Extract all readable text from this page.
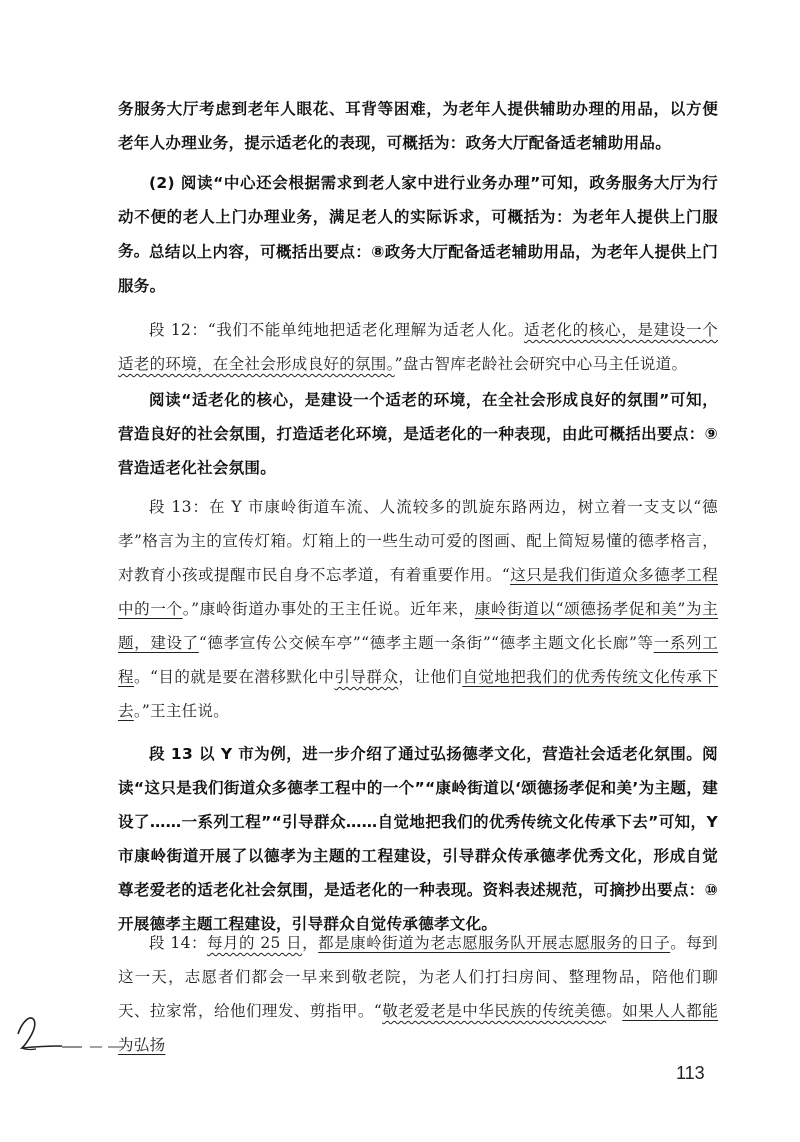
务服务大厅考虑到老年人眼花、耳背等困难，为老年人提供辅助办理的用品，以方便老年人办理业务，提示适老化的表现，可概括为：政务大厅配备适老辅助用品。
(2) 阅读“中心还会根据需求到老人家中进行业务办理”可知，政务服务大厅为行动不便的老人上门办理业务，满足老人的实际诉求，可概括为：为老年人提供上门服务。 总结以上内容，可概括出要点：⑧政务大厅配备适老辅助用品，为老年人提供上门服务。
段 12：“我们不能单纯地把适老化理解为适老人化。适老化的核心，是建设一个适老的环境，在全社会形成良好的氛围。”盘古智库老龄社会研究中心马主任说道。
阅读“适老化的核心，是建设一个适老的环境，在全社会形成良好的氛围”可知，营造良好的社会氛围，打造适老化环境，是适老化的一种表现，由此可概括出要点：⑨营造适老化社会氛围。
段 13：在 Y 市康岭街道车流、人流较多的凯旋东路两边，树立着一支支以“德孝”格言为主的宣传灯箱。灯箱上的一些生动可爱的图画、配上简短易懂的德孝格言，对教育小孩或提醒市民自身不忘孝道，有着重要作用。“这只是我们街道众多德孝工程中的一个。”康岭街道办事处的王主任说。近年来，康岭街道以“颂德扬孝促和美”为主题，建设了“德孝宣传公交候车亭”“德孝主题一条街”“德孝主题文化长廊”等一系列工程。“目的就是要在潜移默化中引导群众，让他们自觉地把我们的优秀传统文化传承下去。”王主任说。
段 13 以 Y 市为例，进一步介绍了通过弘扬德孝文化，营造社会适老化氛围。阅读“这只是我们街道众多德孝工程中的一个”“康岭街道以‘颂德扬孝促和美’为主题，建设了……一系列工程”“引导群众……自觉地把我们的优秀传统文化传承下去”可知，Y 市康岭街道开展了以德孝为主题的工程建设，引导群众传承德孝优秀文化，形成自觉尊老爱老的适老化社会氛围，是适老化的一种表现。资料表述规范，可摘抄出要点：⑩开展德孝主题工程建设，引导群众自觉传承德孝文化。
段 14：每月的 25 日，都是康岭街道为老志愿服务队开展志愿服务的日子。每到这一天，志愿者们都会一早来到敬老院，为老人们打扫房间、整理物品，陪他们聊天、拉家常，给他们理发、剪指甲。“敬老爱老是中华民族的传统美德。如果人人都能为弘扬
113
